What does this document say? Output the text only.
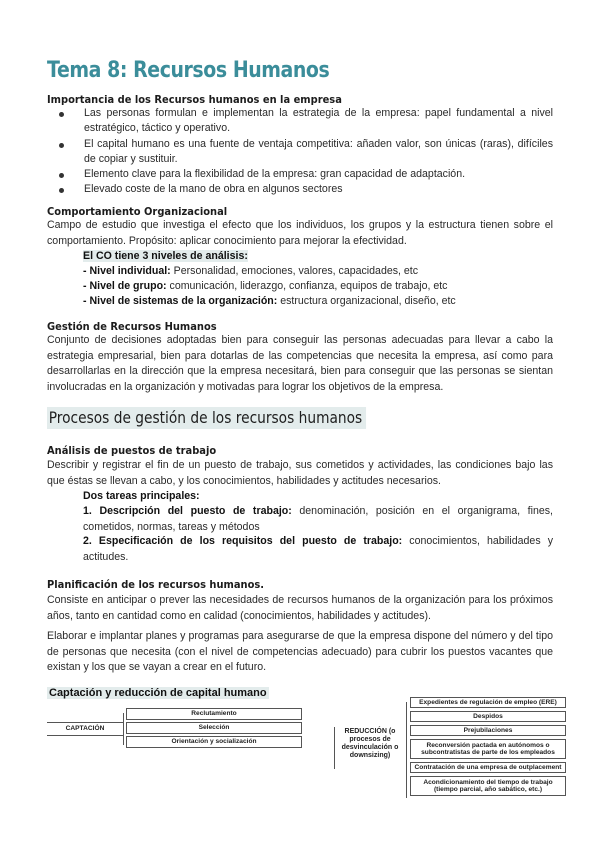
Tema 8: Recursos Humanos
Importancia de los Recursos humanos en la empresa
Las personas formulan e implementan la estrategia de la empresa: papel fundamental a nivel estratégico, táctico y operativo.
El capital humano es una fuente de ventaja competitiva: añaden valor, son únicas (raras), difíciles de copiar y sustituir.
Elemento clave para la flexibilidad de la empresa: gran capacidad de adaptación.
Elevado coste de la mano de obra en algunos sectores
Comportamiento Organizacional
Campo de estudio que investiga el efecto que los individuos, los grupos y la estructura tienen sobre el comportamiento. Propósito: aplicar conocimiento para mejorar la efectividad.
El CO tiene 3 niveles de análisis:
- Nivel individual: Personalidad, emociones, valores, capacidades, etc
- Nivel de grupo: comunicación, liderazgo, confianza, equipos de trabajo, etc
- Nivel de sistemas de la organización: estructura organizacional, diseño, etc
Gestión de Recursos Humanos
Conjunto de decisiones adoptadas bien para conseguir las personas adecuadas para llevar a cabo la estrategia empresarial, bien para dotarlas de las competencias que necesita la empresa, así como para desarrollarlas en la dirección que la empresa necesitará, bien para conseguir que las personas se sientan involucradas en la organización y motivadas para lograr los objetivos de la empresa.
Procesos de gestión de los recursos humanos
Análisis de puestos de trabajo
Describir y registrar el fin de un puesto de trabajo, sus cometidos y actividades, las condiciones bajo las que éstas se llevan a cabo, y los conocimientos, habilidades y actitudes necesarios.
Dos tareas principales:
1. Descripción del puesto de trabajo: denominación, posición en el organigrama, fines, cometidos, normas, tareas y métodos
2. Especificación de los requisitos del puesto de trabajo: conocimientos, habilidades y actitudes.
Planificación de los recursos humanos.
Consiste en anticipar o prever las necesidades de recursos humanos de la organización para los próximos años, tanto en cantidad como en calidad (conocimientos, habilidades y actitudes).
Elaborar e implantar planes y programas para asegurarse de que la empresa dispone del número y del tipo de personas que necesita (con el nivel de competencias adecuado) para cubrir los puestos vacantes que existan y los que se vayan a crear en el futuro.
Captación y reducción de capital humano
CAPTACIÓN
Reclutamiento
Selección
Orientación y socialización
REDUCCIÓN (o procesos de desvinculación o downsizing)
Expedientes de regulación de empleo (ERE)
Despidos
Prejubilaciones
Reconversión pactada en autónomos o subcontratistas de parte de los empleados
Contratación de una empresa de outplacement
Acondicionamiento del tiempo de trabajo (tiempo parcial, año sabático, etc.)
